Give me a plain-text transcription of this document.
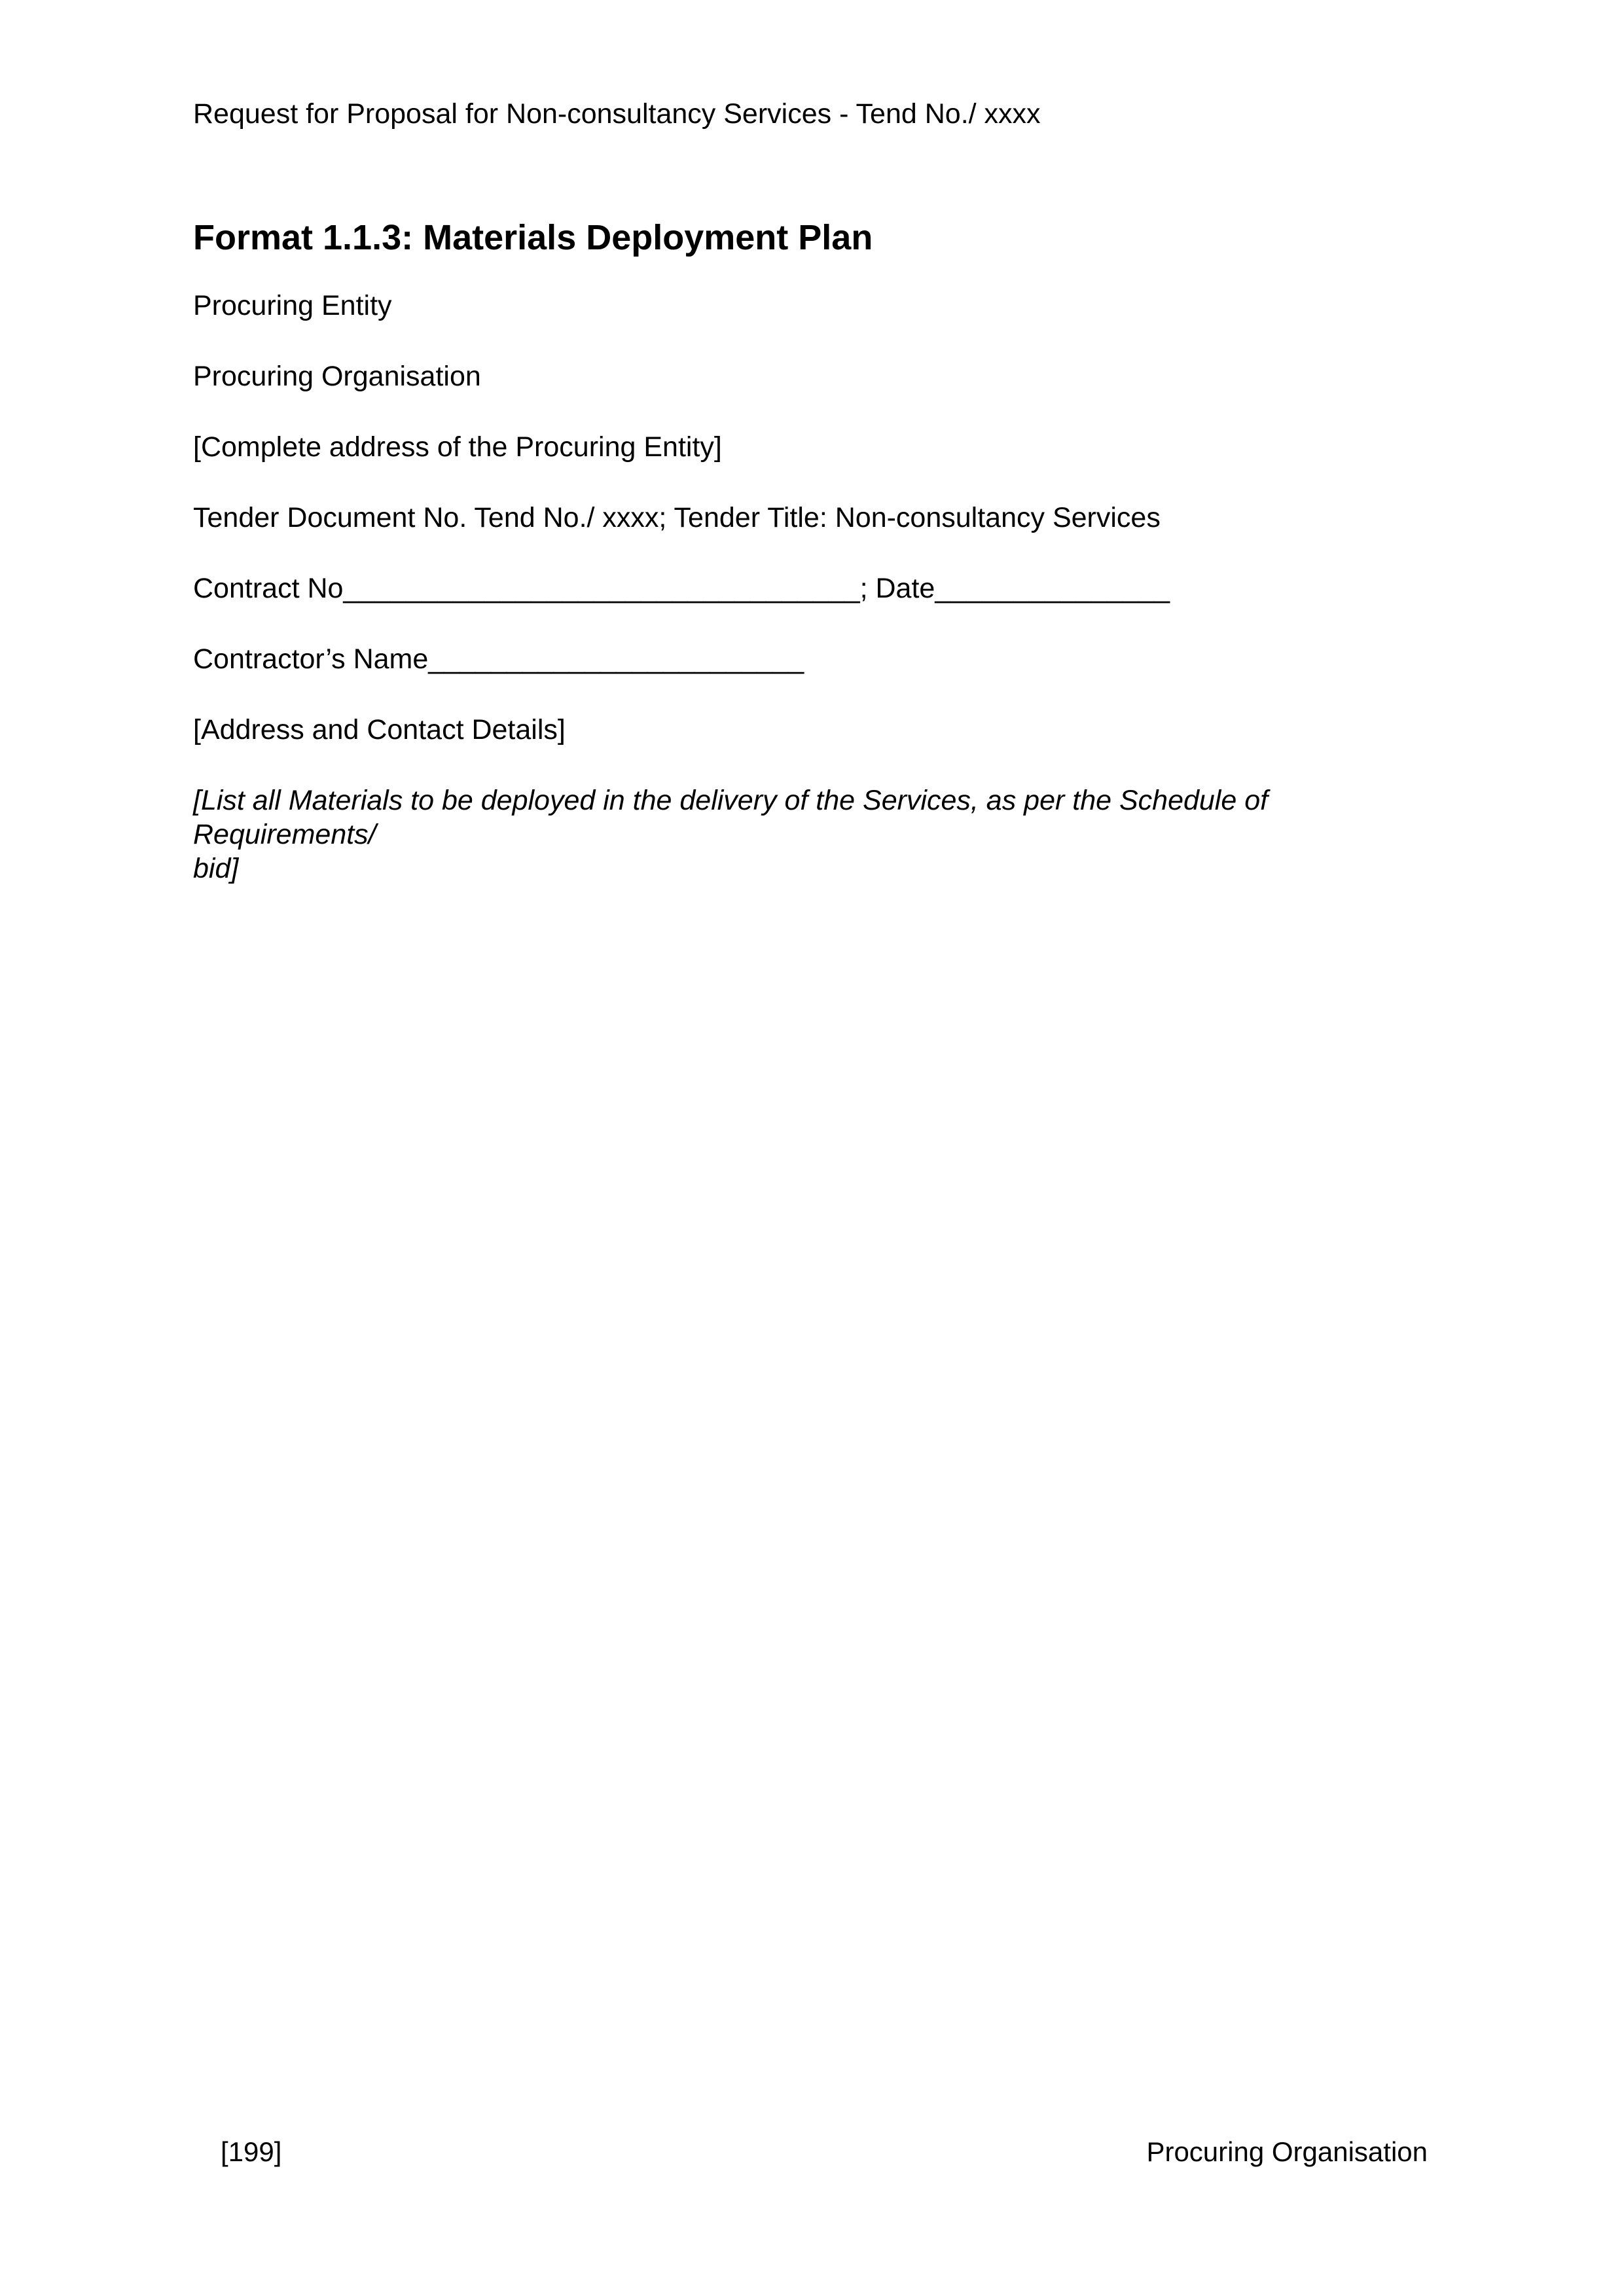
Request for Proposal for Non-consultancy Services - Tend No./ xxxx

Format 1.1.3: Materials Deployment Plan

Procuring Entity

Procuring Organisation

[Complete address of the Procuring Entity]

Tender Document No. Tend No./ xxxx; Tender Title: Non-consultancy Services

Contract No_________________________________; Date_______________

Contractor’s Name________________________

[Address and Contact Details]

[List all Materials to be deployed in the delivery of the Services, as per the Schedule of Requirements/
bid]

[199]	Procuring Organisation
